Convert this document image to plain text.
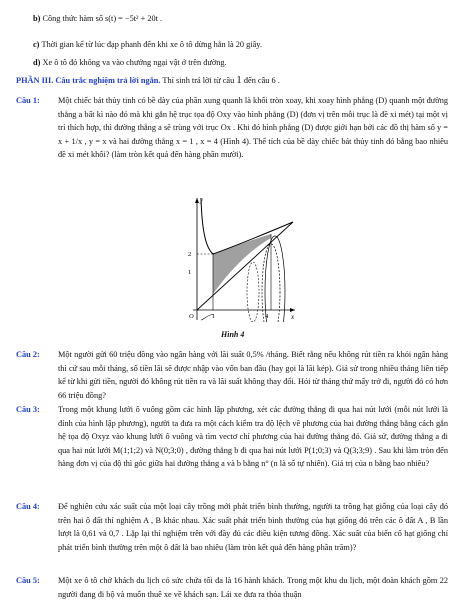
b) Công thức hàm số s(t) = −5t² + 20t .
c) Thời gian kể từ lúc đạp phanh đến khi xe ô tô dừng hẳn là 20 giây.
d) Xe ô tô đó không va vào chướng ngại vật ở trên đường.
PHẦN III. Câu trắc nghiệm trả lời ngắn. Thí sinh trả lời từ câu 1 đến câu 6 .
Câu 1: Một chiếc bát thủy tinh có bề dày của phần xung quanh là khối tròn xoay, khi xoay hình phẳng (D) quanh một đường thẳng a bất kì nào đó mà khi gắn hệ trục tọa độ Oxy vào hình phẳng (D) (đơn vị trên mỗi trục là đề xi mét) tại một vị trí thích hợp, thì đường thẳng a sẽ trùng với trục Ox . Khi đó hình phẳng (D) được giới hạn bởi các đồ thị hàm số y = x + 1/x , y = x và hai đường thẳng x = 1 , x = 4 (Hình 4). Thể tích của bề dày chiếc bát thủy tinh đó bằng bao nhiêu đề xi mét khối? (làm tròn kết quả đến hàng phần mười).
y
x
O
2
1
1	4
Hình 4
Câu 2: Một người gửi 60 triệu đồng vào ngân hàng với lãi suất 0,5% /tháng. Biết rằng nếu không rút tiền ra khỏi ngân hàng thì cứ sau mỗi tháng, số tiền lãi sẽ được nhập vào vốn ban đầu (hay gọi là lãi kép). Giả sử trong nhiều tháng liên tiếp kể từ khi gửi tiền, người đó không rút tiền ra và lãi suất không thay đổi. Hỏi từ tháng thứ mấy trở đi, người đó có hơn 66 triệu đồng?
Câu 3: Trong một khung lưới ô vuông gồm các hình lập phương, xét các đường thẳng đi qua hai nút lưới (mỗi nút lưới là đỉnh của hình lập phương), người ta đưa ra một cách kiểm tra độ lệch về phương của hai đường thẳng bằng cách gắn hệ tọa độ Oxyz vào khung lưới ô vuông và tìm vectơ chỉ phương của hai đường thẳng đó. Giả sử, đường thẳng a đi qua hai nút lưới M(1;1;2) và N(0;3;0) , đường thẳng b đi qua hai nút lưới P(1;0;3) và Q(3;3;9) . Sau khi làm tròn đến hàng đơn vị của độ thì góc giữa hai đường thẳng a và b bằng n° (n là số tự nhiên). Giá trị của n bằng bao nhiêu?
Câu 4: Để nghiên cứu xác suất của một loại cây trồng mới phát triển bình thường, người ta trồng hạt giống của loại cây đó trên hai ô đất thí nghiệm A , B khác nhau. Xác suất phát triển bình thường của hạt giống đó trên các ô đất A , B lần lượt là 0,61 và 0,7 . Lặp lại thí nghiệm trên với đầy đủ các điều kiện tương đồng. Xác suất của biến cố hạt giống chỉ phát triển bình thường trên một ô đất là bao nhiêu (làm tròn kết quả đến hàng phần trăm)?
Câu 5: Một xe ô tô chở khách du lịch có sức chứa tối đa là 16 hành khách. Trong một khu du lịch, một đoàn khách gồm 22 người đang đi bộ và muốn thuê xe về khách sạn. Lái xe đưa ra thỏa thuận
